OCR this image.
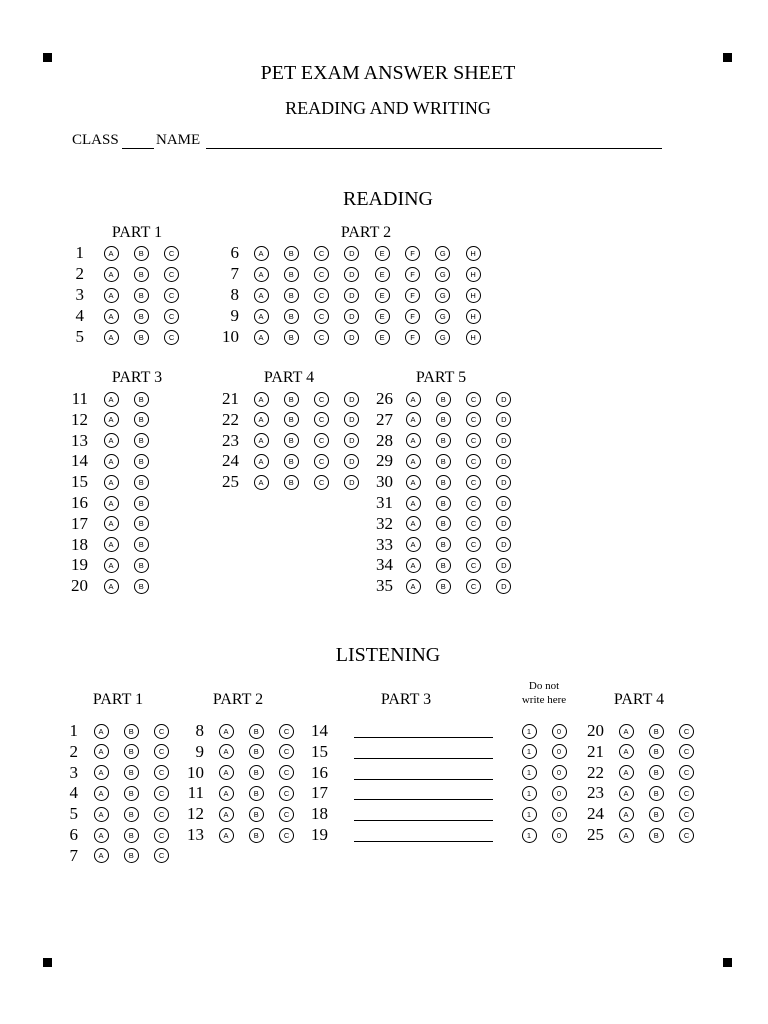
PET EXAM ANSWER SHEET
READING AND WRITING
CLASS NAME
READING
LISTENING
PART 1
1	A	B	C
2	A	B	C
3	A	B	C
4	A	B	C
5	A	B	C
PART 2
6	A	B	C	D	E	F	G	H
7	A	B	C	D	E	F	G	H
8	A	B	C	D	E	F	G	H
9	A	B	C	D	E	F	G	H
10	A	B	C	D	E	F	G	H
PART 3
11	A	B
12	A	B
13	A	B
14	A	B
15	A	B
16	A	B
17	A	B
18	A	B
19	A	B
20	A	B
PART 4
21	A	B	C	D
22	A	B	C	D
23	A	B	C	D
24	A	B	C	D
25	A	B	C	D
PART 5
26	A	B	C	D
27	A	B	C	D
28	A	B	C	D
29	A	B	C	D
30	A	B	C	D
31	A	B	C	D
32	A	B	C	D
33	A	B	C	D
34	A	B	C	D
35	A	B	C	D
PART 1
1	A	B	C
2	A	B	C
3	A	B	C
4	A	B	C
5	A	B	C
6	A	B	C
7	A	B	C
PART 2
8	A	B	C
9	A	B	C
10	A	B	C
11	A	B	C
12	A	B	C
13	A	B	C
PART 3
14	1	0
15	1	0
16	1	0
17	1	0
18	1	0
19	1	0
Do not write here	PART 4
20	A	B	C
21	A	B	C
22	A	B	C
23	A	B	C
24	A	B	C
25	A	B	C
